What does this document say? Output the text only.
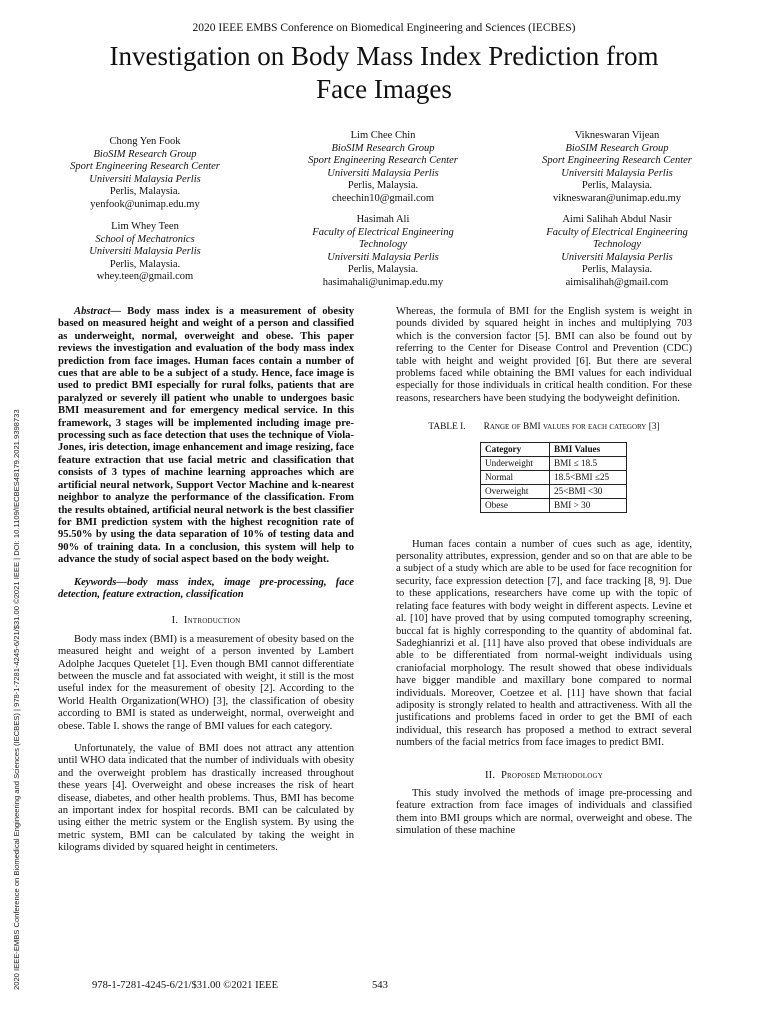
2020 IEEE EMBS Conference on Biomedical Engineering and Sciences (IECBES)
Investigation on Body Mass Index Prediction from
Face Images
Chong Yen Fook
BioSIM Research Group
Sport Engineering Research Center
Universiti Malaysia Perlis
Perlis, Malaysia.
yenfook@unimap.edu.my
Lim Chee Chin
BioSIM Research Group
Sport Engineering Research Center
Universiti Malaysia Perlis
Perlis, Malaysia.
cheechin10@gmail.com
Vikneswaran Vijean
BioSIM Research Group
Sport Engineering Research Center
Universiti Malaysia Perlis
Perlis, Malaysia.
vikneswaran@unimap.edu.my
Lim Whey Teen
School of Mechatronics
Universiti Malaysia Perlis
Perlis, Malaysia.
whey.teen@gmail.com
Hasimah Ali
Faculty of Electrical Engineering
Technology
Universiti Malaysia Perlis
Perlis, Malaysia.
hasimahali@unimap.edu.my
Aimi Salihah Abdul Nasir
Faculty of Electrical Engineering
Technology
Universiti Malaysia Perlis
Perlis, Malaysia.
aimisalihah@gmail.com
2020 IEEE-EMBS Conference on Biomedical Engineering and Sciences (IECBES) | 978-1-7281-4245-6/21/$31.00 ©2021 IEEE | DOI: 10.1109/IECBES48179.2021.9398733

Abstract— Body mass index is a measurement of obesity based on measured height and weight of a person and classified as underweight, normal, overweight and obese. This paper reviews the investigation and evaluation of the body mass index prediction from face images. Human faces contain a number of cues that are able to be a subject of a study. Hence, face image is used to predict BMI especially for rural folks, patients that are paralyzed or severely ill patient who unable to undergoes basic BMI measurement and for emergency medical service. In this framework, 3 stages will be implemented including image pre-processing such as face detection that uses the technique of Viola-Jones, iris detection, image enhancement and image resizing, face feature extraction that use facial metric and classification that consists of 3 types of machine learning approaches which are artificial neural network, Support Vector Machine and k-nearest neighbor to analyze the performance of the classification. From the results obtained, artificial neural network is the best classifier for BMI prediction system with the highest recognition rate of 95.50% by using the data separation of 10% of testing data and 90% of training data. In a conclusion, this system will help to advance the study of social aspect based on the body weight.

Keywords—body mass index, image pre-processing, face detection, feature extraction, classification

I. Introduction

Body mass index (BMI) is a measurement of obesity based on the measured height and weight of a person invented by Lambert Adolphe Jacques Quetelet [1]. Even though BMI cannot differentiate between the muscle and fat associated with weight, it still is the most useful index for the measurement of obesity [2]. According to the World Health Organization(WHO) [3], the classification of obesity according to BMI is stated as underweight, normal, overweight and obese. Table I. shows the range of BMI values for each category.

Unfortunately, the value of BMI does not attract any attention until WHO data indicated that the number of individuals with obesity and the overweight problem has drastically increased throughout these years [4]. Overweight and obese increases the risk of heart disease, diabetes, and other health problems. Thus, BMI has become an important index for hospital records. BMI can be calculated by using either the metric system or the English system. By using the metric system, BMI can be calculated by taking the weight in kilograms divided by squared height in centimeters.

Whereas, the formula of BMI for the English system is weight in pounds divided by squared height in inches and multiplying 703 which is the conversion factor [5]. BMI can also be found out by referring to the Center for Disease Control and Prevention (CDC) table with height and weight provided [6]. But there are several problems faced while obtaining the BMI values for each individual especially for those individuals in critical health condition. For these reasons, researchers have been studying the bodyweight definition.

TABLE I. Range of BMI values for each category [3]

Category	BMI Values
Underweight	BMI ≤ 18.5
Normal	18.5<BMI ≤25
Overweight	25<BMI <30
Obese	BMI > 30

Human faces contain a number of cues such as age, identity, personality attributes, expression, gender and so on that are able to be a subject of a study which are able to be used for face recognition for security, face expression detection [7], and face tracking [8, 9]. Due to these applications, researchers have come up with the topic of relating face features with body weight in different aspects. Levine et al. [10] have proved that by using computed tomography screening, buccal fat is highly corresponding to the quantity of abdominal fat. Sadeghianrizi et al. [11] have also proved that obese individuals are able to be differentiated from normal-weight individuals using craniofacial morphology. The result showed that obese individuals have bigger mandible and maxillary bone compared to normal individuals. Moreover, Coetzee et al. [11] have shown that facial adiposity is strongly related to health and attractiveness. With all the justifications and problems faced in order to get the BMI of each individual, this research has proposed a method to extract several numbers of the facial metrics from face images to predict BMI.

II. Proposed Methodology

This study involved the methods of image pre-processing and feature extraction from face images of individuals and classified them into BMI groups which are normal, overweight and obese. The simulation of these machine

978-1-7281-4245-6/21/$31.00 ©2021 IEEE	543
